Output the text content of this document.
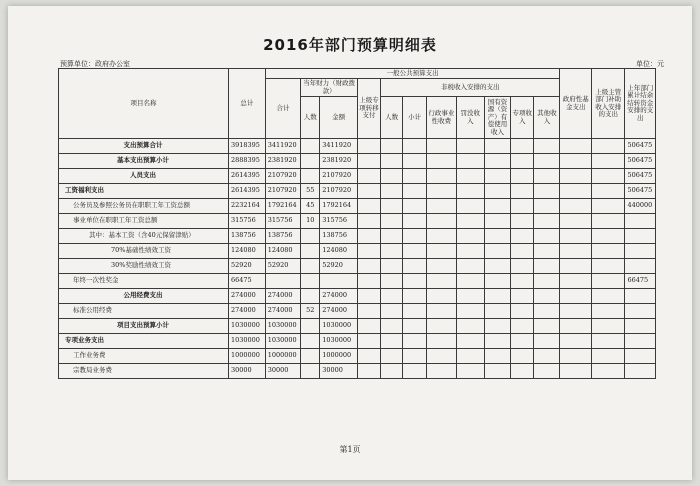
2016年部门预算明细表
预算单位：政府办公室	单位：元
项目名称	总计	一般公共预算支出											政府性基金支出	上级主管部门补助收入安排的支出	上年部门累计结余结转资金安排的支出
		合计	当年财力（财政拨款）		上级专项转移支付	非税收入安排的支出									
			人数	金额		人数	小计	行政事业性收费	罚没收入	国有资源（资产）有偿使用收入	专项收入	其他收入			
支出预算合计	3918395	3411920		3411920											506475
基本支出预算小计	2888395	2381920		2381920											506475
人员支出	2614395	2107920		2107920											506475
工资福利支出	2614395	2107920	55	2107920											506475
公务员及参照公务员在职职工年工资总额	2232164	1792164	45	1792164											440000
事业单位在职职工年工资总额	315756	315756	10	315756											
其中：基本工资（含40元保留津贴）	138756	138756		138756											
70%基础性绩效工资	124080	124080		124080											
30%奖励性绩效工资	52920	52920		52920											
年终一次性奖金	66475														66475
公用经费支出	274000	274000		274000											
标准公用经费	274000	274000	52	274000											
项目支出预算小计	1030000	1030000		1030000											
专项业务支出	1030000	1030000		1030000											
工作业务费	1000000	1000000		1000000											
宗教局业务费	30000	30000		30000											
第1页
